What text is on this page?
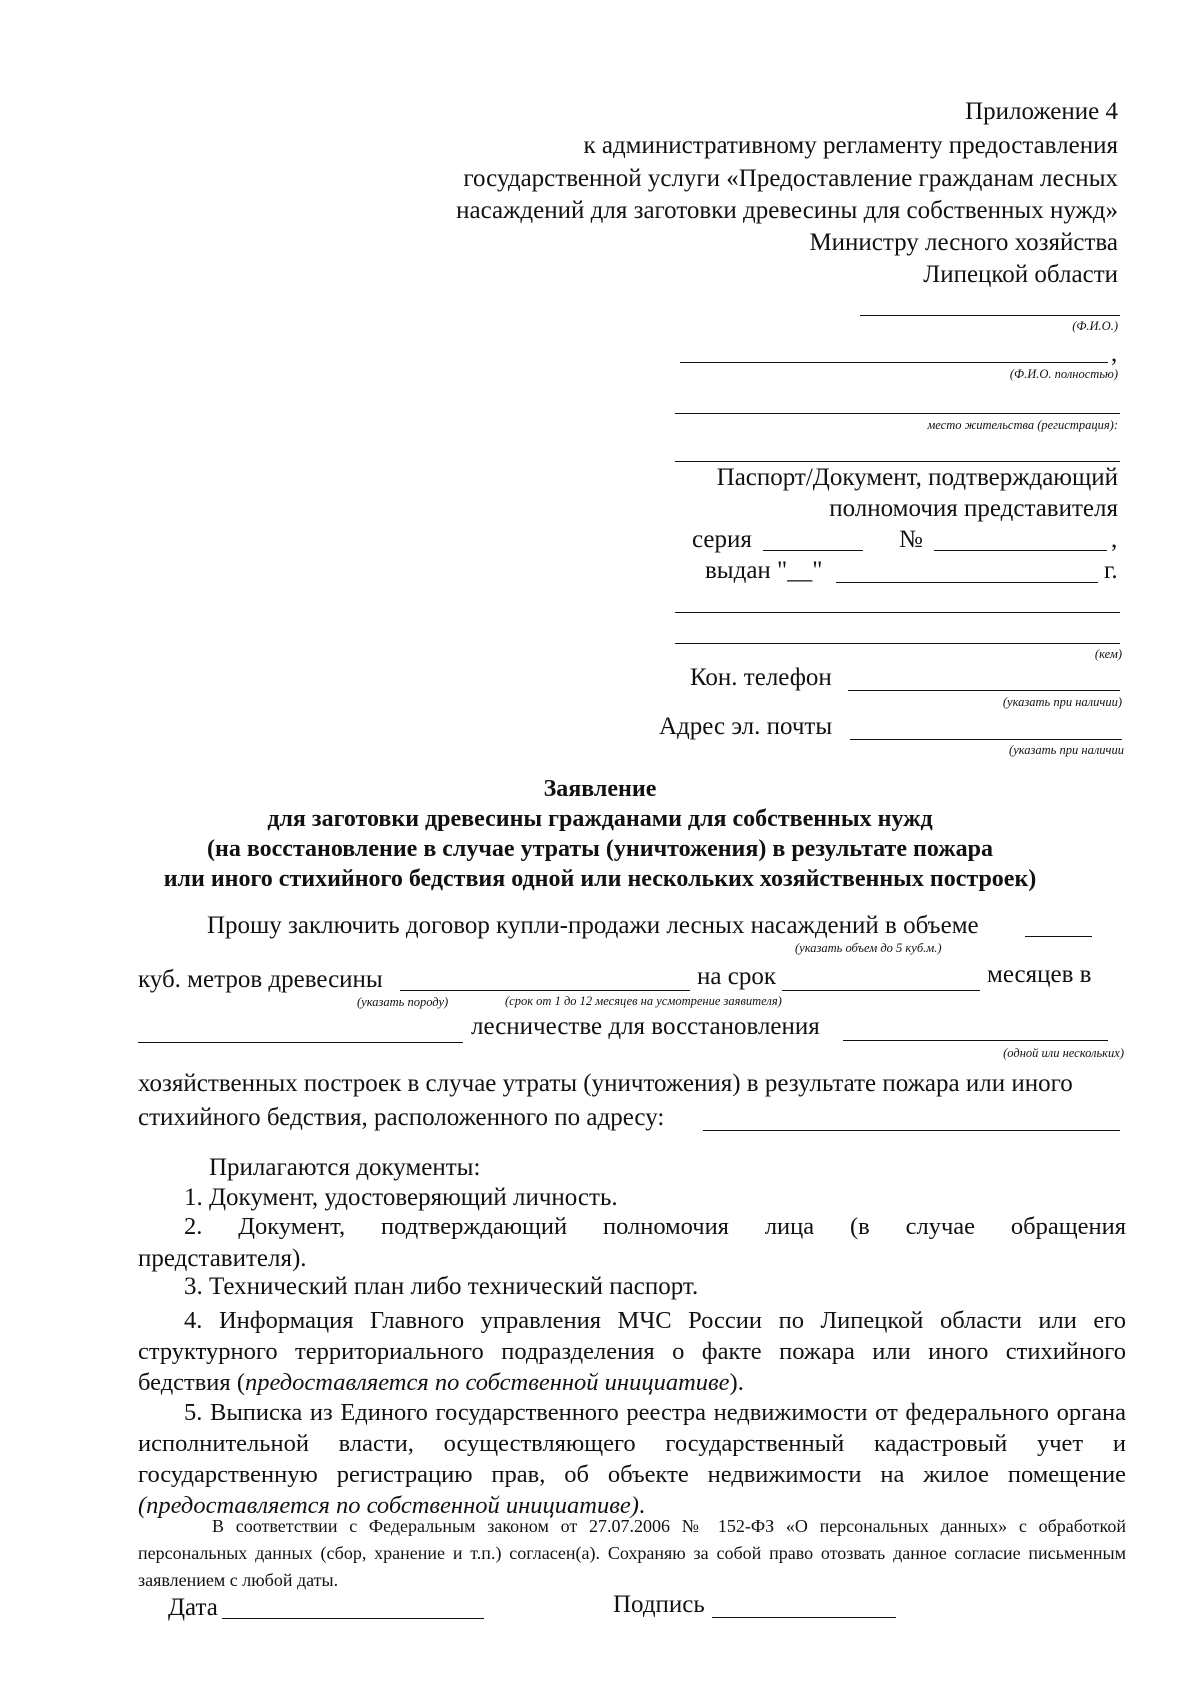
Приложение 4
к административному регламенту предоставления
государственной услуги «Предоставление гражданам лесных
насаждений для заготовки древесины для собственных нужд»
Министру лесного хозяйства
Липецкой области
(Ф.И.О.)
,
(Ф.И.О. полностью)
место жительства (регистрация):
Паспорт/Документ, подтверждающий
полномочия представителя
серия	№	,
выдан "__"	г.
(кем)
Кон. телефон
(указать при наличии)
Адрес эл. почты
(указать при наличии
Заявление
для заготовки древесины гражданами для собственных нужд
(на восстановление в случае утраты (уничтожения) в результате пожара
или иного стихийного бедствия одной или нескольких хозяйственных построек)
Прошу заключить договор купли-продажи лесных насаждений в объеме
(указать объем до 5 куб.м.)
куб. метров древесины	на срок	месяцев в
(указать породу)	(срок от 1 до 12 месяцев на усмотрение заявителя)
лесничестве для восстановления
(одной или нескольких)
хозяйственных построек в случае утраты (уничтожения) в результате пожара или иного
стихийного бедствия, расположенного по адресу:
Прилагаются документы:
1. Документ, удостоверяющий личность.
2. Документ, подтверждающий полномочия лица (в случае обращения
представителя).
3. Технический план либо технический паспорт.
4. Информация Главного управления МЧС России по Липецкой области или его структурного территориального подразделения о факте пожара или иного стихийного бедствия (предоставляется по собственной инициативе).
5. Выписка из Единого государственного реестра недвижимости от федерального органа исполнительной власти, осуществляющего государственный кадастровый учет и государственную регистрацию прав, об объекте недвижимости на жилое помещение (предоставляется по собственной инициативе).
В соответствии с Федеральным законом от 27.07.2006 № 152-ФЗ «О персональных данных» с обработкой персональных данных (сбор, хранение и т.п.) согласен(а). Сохраняю за собой право отозвать данное согласие письменным заявлением с любой даты.
Дата	Подпись
